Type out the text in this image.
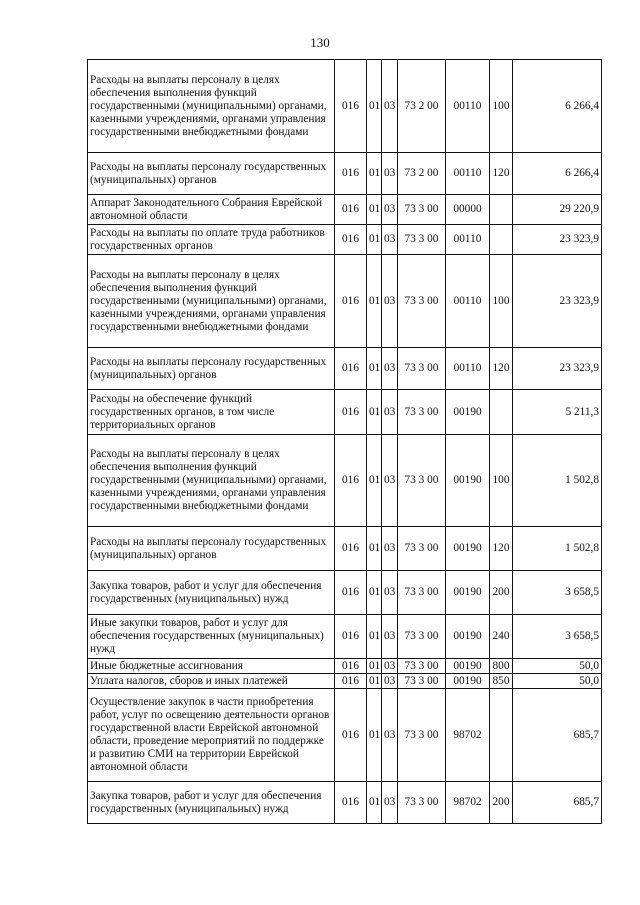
130
Расходы на выплаты персоналу в целях обеспечения выполнения функций государственными (муниципальными) органами, казенными учреждениями, органами управления государственными внебюджетными фондами	016	01	03	73 2 00	00110	100	6 266,4
Расходы на выплаты персоналу государственных (муниципальных) органов	016	01	03	73 2 00	00110	120	6 266,4
Аппарат Законодательного Собрания Еврейской автономной области	016	01	03	73 3 00	00000		29 220,9
Расходы на выплаты по оплате труда работников государственных органов	016	01	03	73 3 00	00110		23 323,9
Расходы на выплаты персоналу в целях обеспечения выполнения функций государственными (муниципальными) органами, казенными учреждениями, органами управления государственными внебюджетными фондами	016	01	03	73 3 00	00110	100	23 323,9
Расходы на выплаты персоналу государственных (муниципальных) органов	016	01	03	73 3 00	00110	120	23 323,9
Расходы на обеспечение функций государственных органов, в том числе территориальных органов	016	01	03	73 3 00	00190		5 211,3
Расходы на выплаты персоналу в целях обеспечения выполнения функций государственными (муниципальными) органами, казенными учреждениями, органами управления государственными внебюджетными фондами	016	01	03	73 3 00	00190	100	1 502,8
Расходы на выплаты персоналу государственных (муниципальных) органов	016	01	03	73 3 00	00190	120	1 502,8
Закупка товаров, работ и услуг для обеспечения государственных (муниципальных) нужд	016	01	03	73 3 00	00190	200	3 658,5
Иные закупки товаров, работ и услуг для обеспечения государственных (муниципальных) нужд	016	01	03	73 3 00	00190	240	3 658,5
Иные бюджетные ассигнования	016	01	03	73 3 00	00190	800	50,0
Уплата налогов, сборов и иных платежей	016	01	03	73 3 00	00190	850	50,0
Осуществление закупок в части приобретения работ, услуг по освещению деятельности органов государственной власти Еврейской автономной области, проведение мероприятий по поддержке и развитию СМИ на территории Еврейской автономной области	016	01	03	73 3 00	98702		685,7
Закупка товаров, работ и услуг для обеспечения государственных (муниципальных) нужд	016	01	03	73 3 00	98702	200	685,7
